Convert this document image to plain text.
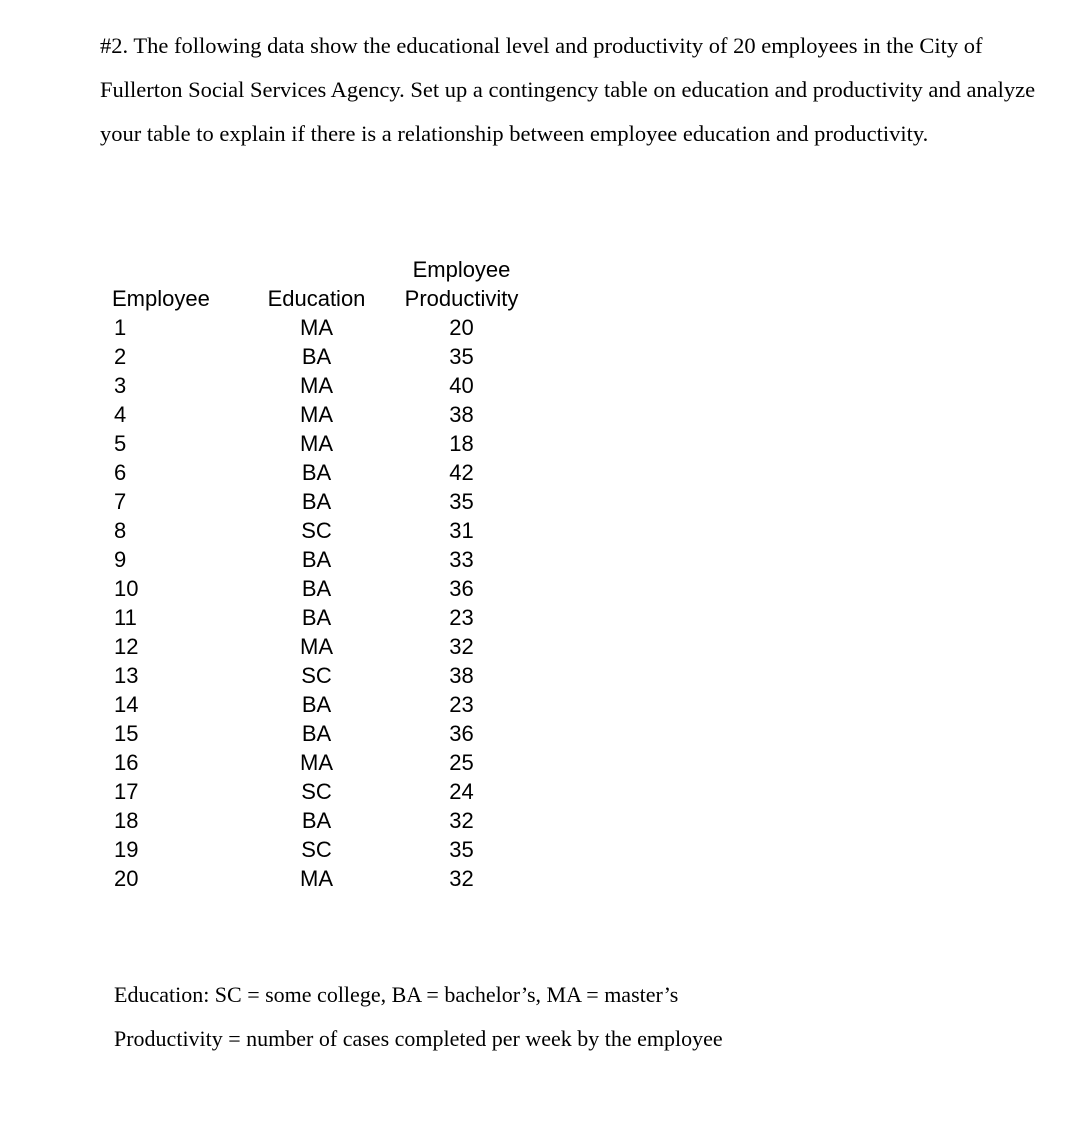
#2. The following data show the educational level and productivity of 20 employees in the City of Fullerton Social Services Agency. Set up a contingency table on education and productivity and analyze your table to explain if there is a relationship between employee education and productivity.

Employee	Education	Employee
Productivity

1	MA	20
2	BA	35
3	MA	40
4	MA	38
5	MA	18
6	BA	42
7	BA	35
8	SC	31
9	BA	33
10	BA	36
11	BA	23
12	MA	32
13	SC	38
14	BA	23
15	BA	36
16	MA	25
17	SC	24
18	BA	32
19	SC	35
20	MA	32

Education: SC = some college, BA = bachelor’s, MA = master’s

Productivity = number of cases completed per week by the employee
